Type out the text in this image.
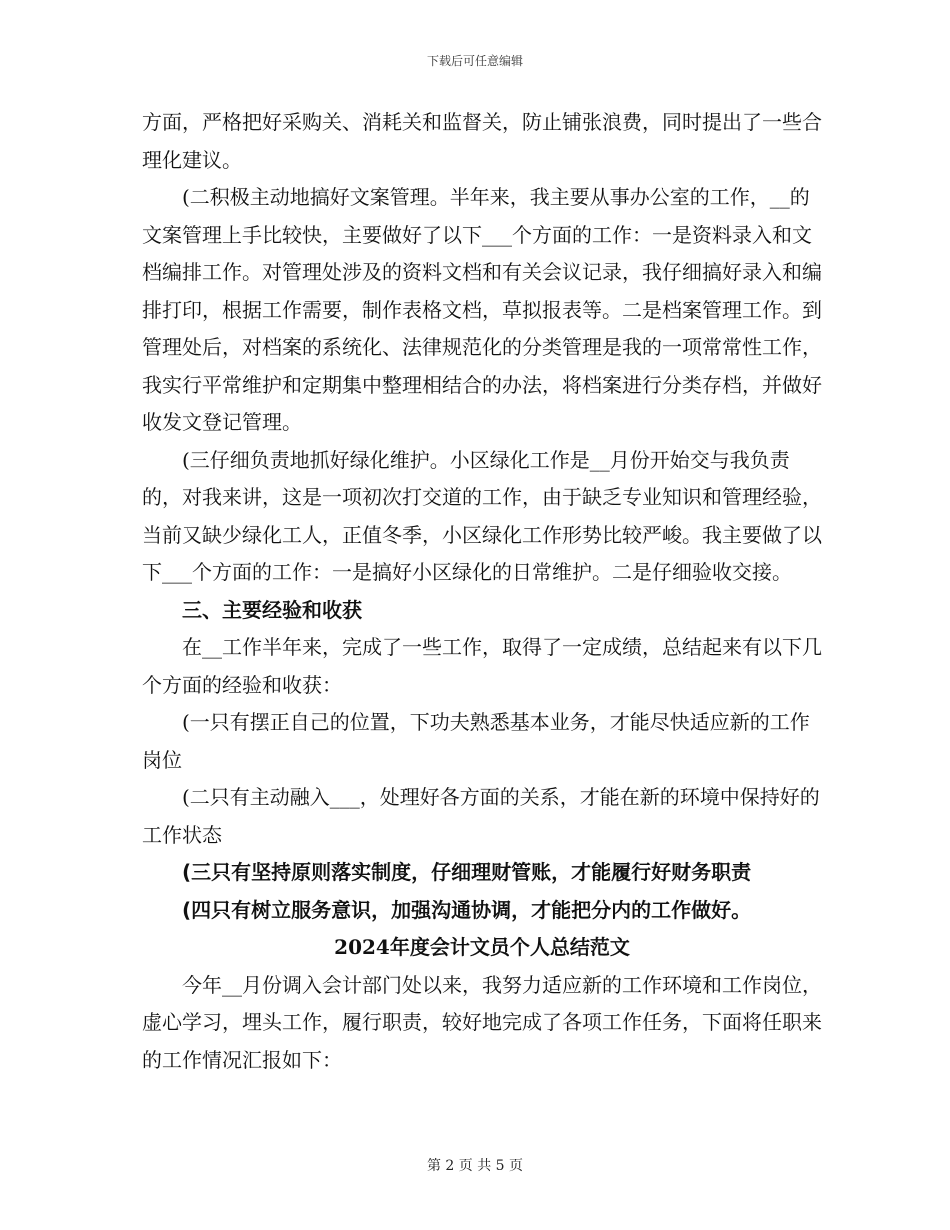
下载后可任意编辑

方面，严格把好采购关、消耗关和监督关，防止铺张浪费，同时提出了一些合理化建议。

(二积极主动地搞好文案管理。半年来，我主要从事办公室的工作，__的文案管理上手比较快，主要做好了以下___个方面的工作：一是资料录入和文档编排工作。对管理处涉及的资料文档和有关会议记录，我仔细搞好录入和编排打印，根据工作需要，制作表格文档，草拟报表等。二是档案管理工作。到管理处后，对档案的系统化、法律规范化的分类管理是我的一项常常性工作，我实行平常维护和定期集中整理相结合的办法，将档案进行分类存档，并做好收发文登记管理。

(三仔细负责地抓好绿化维护。小区绿化工作是__月份开始交与我负责的，对我来讲，这是一项初次打交道的工作，由于缺乏专业知识和管理经验，当前又缺少绿化工人，正值冬季，小区绿化工作形势比较严峻。我主要做了以下___个方面的工作：一是搞好小区绿化的日常维护。二是仔细验收交接。

三、主要经验和收获

在__工作半年来，完成了一些工作，取得了一定成绩，总结起来有以下几个方面的经验和收获：

(一只有摆正自己的位置，下功夫熟悉基本业务，才能尽快适应新的工作岗位

(二只有主动融入___，处理好各方面的关系，才能在新的环境中保持好的工作状态

(三只有坚持原则落实制度，仔细理财管账，才能履行好财务职责

(四只有树立服务意识，加强沟通协调，才能把分内的工作做好。

2024年度会计文员个人总结范文

今年__月份调入会计部门处以来，我努力适应新的工作环境和工作岗位，虚心学习，埋头工作，履行职责，较好地完成了各项工作任务，下面将任职来的工作情况汇报如下：

第 2 页 共 5 页
